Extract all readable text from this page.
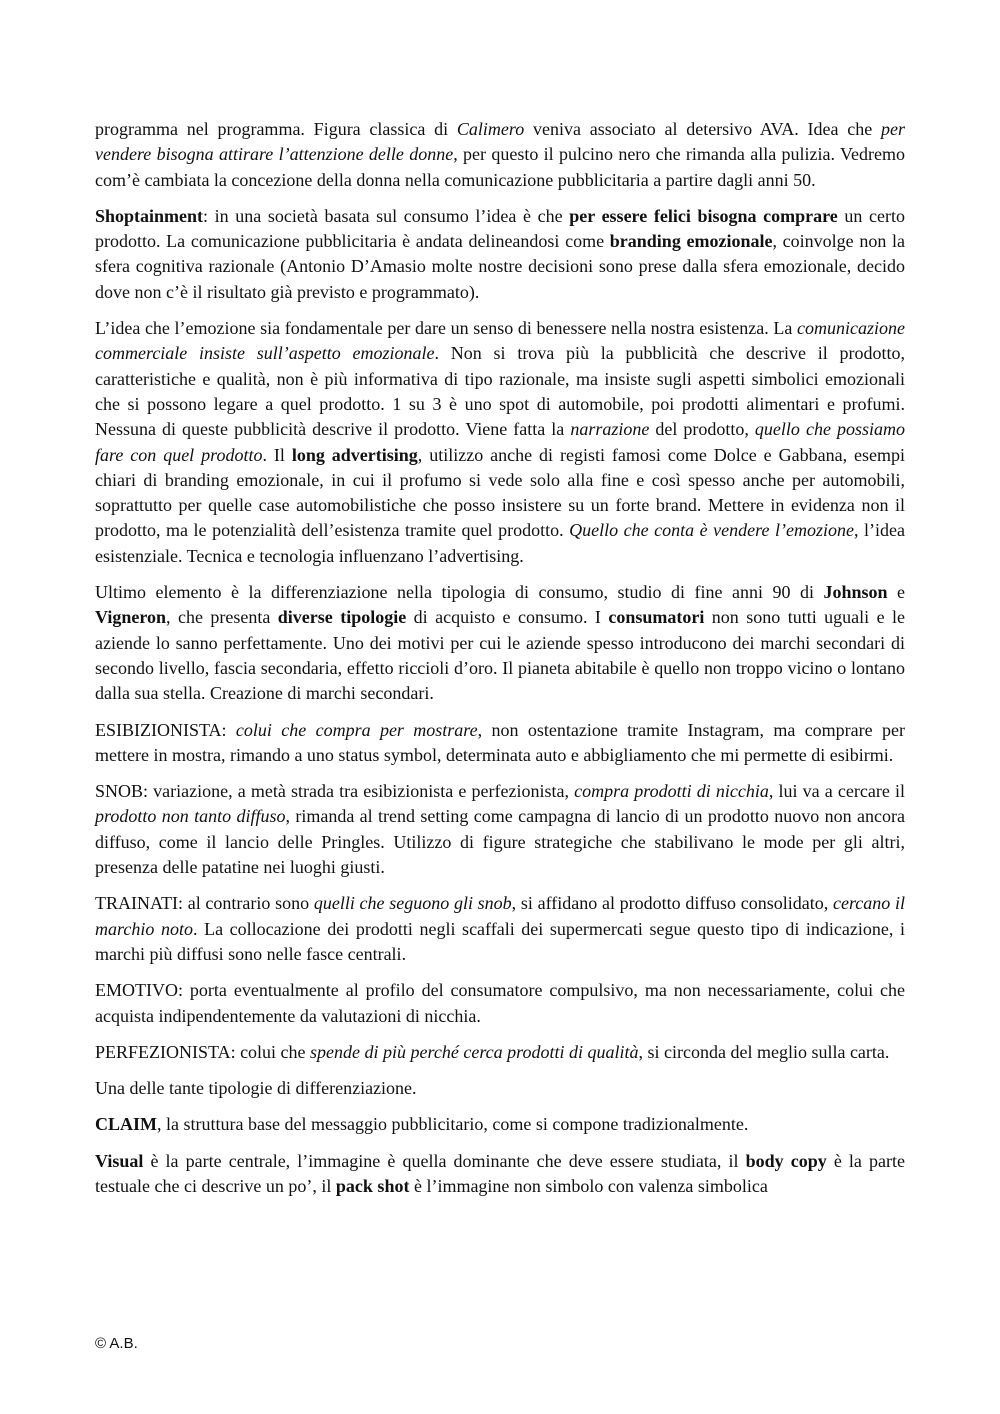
programma nel programma. Figura classica di Calimero veniva associato al detersivo AVA. Idea che per vendere bisogna attirare l’attenzione delle donne, per questo il pulcino nero che rimanda alla pulizia. Vedremo com’è cambiata la concezione della donna nella comunicazione pubblicitaria a partire dagli anni 50.

Shoptainment: in una società basata sul consumo l’idea è che per essere felici bisogna comprare un certo prodotto. La comunicazione pubblicitaria è andata delineandosi come branding emozionale, coinvolge non la sfera cognitiva razionale (Antonio D’Amasio molte nostre decisioni sono prese dalla sfera emozionale, decido dove non c’è il risultato già previsto e programmato).

L’idea che l’emozione sia fondamentale per dare un senso di benessere nella nostra esistenza. La comunicazione commerciale insiste sull’aspetto emozionale. Non si trova più la pubblicità che descrive il prodotto, caratteristiche e qualità, non è più informativa di tipo razionale, ma insiste sugli aspetti simbolici emozionali che si possono legare a quel prodotto. 1 su 3 è uno spot di automobile, poi prodotti alimentari e profumi. Nessuna di queste pubblicità descrive il prodotto. Viene fatta la narrazione del prodotto, quello che possiamo fare con quel prodotto. Il long advertising, utilizzo anche di registi famosi come Dolce e Gabbana, esempi chiari di branding emozionale, in cui il profumo si vede solo alla fine e così spesso anche per automobili, soprattutto per quelle case automobilistiche che posso insistere su un forte brand. Mettere in evidenza non il prodotto, ma le potenzialità dell’esistenza tramite quel prodotto. Quello che conta è vendere l’emozione, l’idea esistenziale. Tecnica e tecnologia influenzano l’advertising.

Ultimo elemento è la differenziazione nella tipologia di consumo, studio di fine anni 90 di Johnson e Vigneron, che presenta diverse tipologie di acquisto e consumo. I consumatori non sono tutti uguali e le aziende lo sanno perfettamente. Uno dei motivi per cui le aziende spesso introducono dei marchi secondari di secondo livello, fascia secondaria, effetto riccioli d’oro. Il pianeta abitabile è quello non troppo vicino o lontano dalla sua stella. Creazione di marchi secondari.

ESIBIZIONISTA: colui che compra per mostrare, non ostentazione tramite Instagram, ma comprare per mettere in mostra, rimando a uno status symbol, determinata auto e abbigliamento che mi permette di esibirmi.

SNOB: variazione, a metà strada tra esibizionista e perfezionista, compra prodotti di nicchia, lui va a cercare il prodotto non tanto diffuso, rimanda al trend setting come campagna di lancio di un prodotto nuovo non ancora diffuso, come il lancio delle Pringles. Utilizzo di figure strategiche che stabilivano le mode per gli altri, presenza delle patatine nei luoghi giusti.

TRAINATI: al contrario sono quelli che seguono gli snob, si affidano al prodotto diffuso consolidato, cercano il marchio noto. La collocazione dei prodotti negli scaffali dei supermercati segue questo tipo di indicazione, i marchi più diffusi sono nelle fasce centrali.

EMOTIVO: porta eventualmente al profilo del consumatore compulsivo, ma non necessariamente, colui che acquista indipendentemente da valutazioni di nicchia.

PERFEZIONISTA: colui che spende di più perché cerca prodotti di qualità, si circonda del meglio sulla carta.

Una delle tante tipologie di differenziazione.

CLAIM, la struttura base del messaggio pubblicitario, come si compone tradizionalmente.

Visual è la parte centrale, l’immagine è quella dominante che deve essere studiata, il body copy è la parte testuale che ci descrive un po’, il pack shot è l’immagine non simbolo con valenza simbolica

© A.B.
